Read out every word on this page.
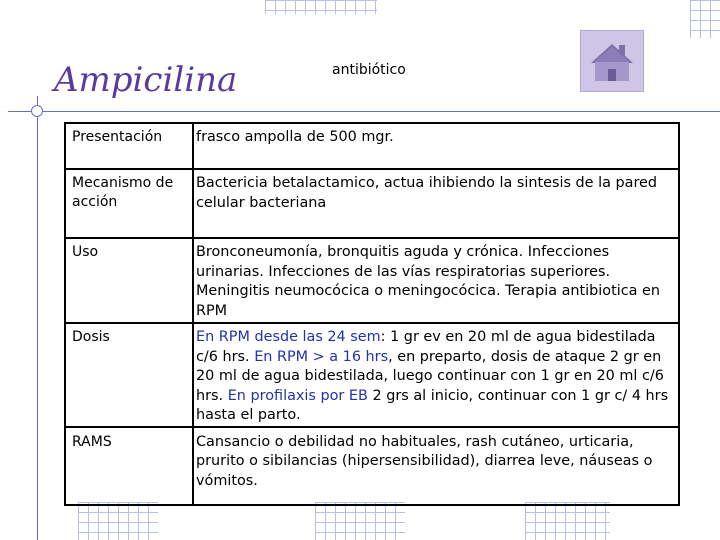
Ampicilina	antibiótico
Presentación	frasco ampolla de 500 mgr.
Mecanismo de acción	Bactericia betalactamico, actua ihibiendo la sintesis de la pared celular bacteriana
Uso	Bronconeumonía, bronquitis aguda y crónica. Infecciones urinarias. Infecciones de las vías respiratorias superiores. Meningitis neumocócica o meningocócica. Terapia antibiotica en RPM
Dosis	En RPM desde las 24 sem: 1 gr ev en 20 ml de agua bidestilada c/6 hrs. En RPM > a 16 hrs, en preparto, dosis de ataque 2 gr en 20 ml de agua bidestilada, luego continuar con 1 gr en 20 ml c/6 hrs. En profilaxis por EB 2 grs al inicio, continuar con 1 gr c/ 4 hrs hasta el parto.
RAMS	Cansancio o debilidad no habituales, rash cutáneo, urticaria, prurito o sibilancias (hipersensibilidad), diarrea leve, náuseas o vómitos.
